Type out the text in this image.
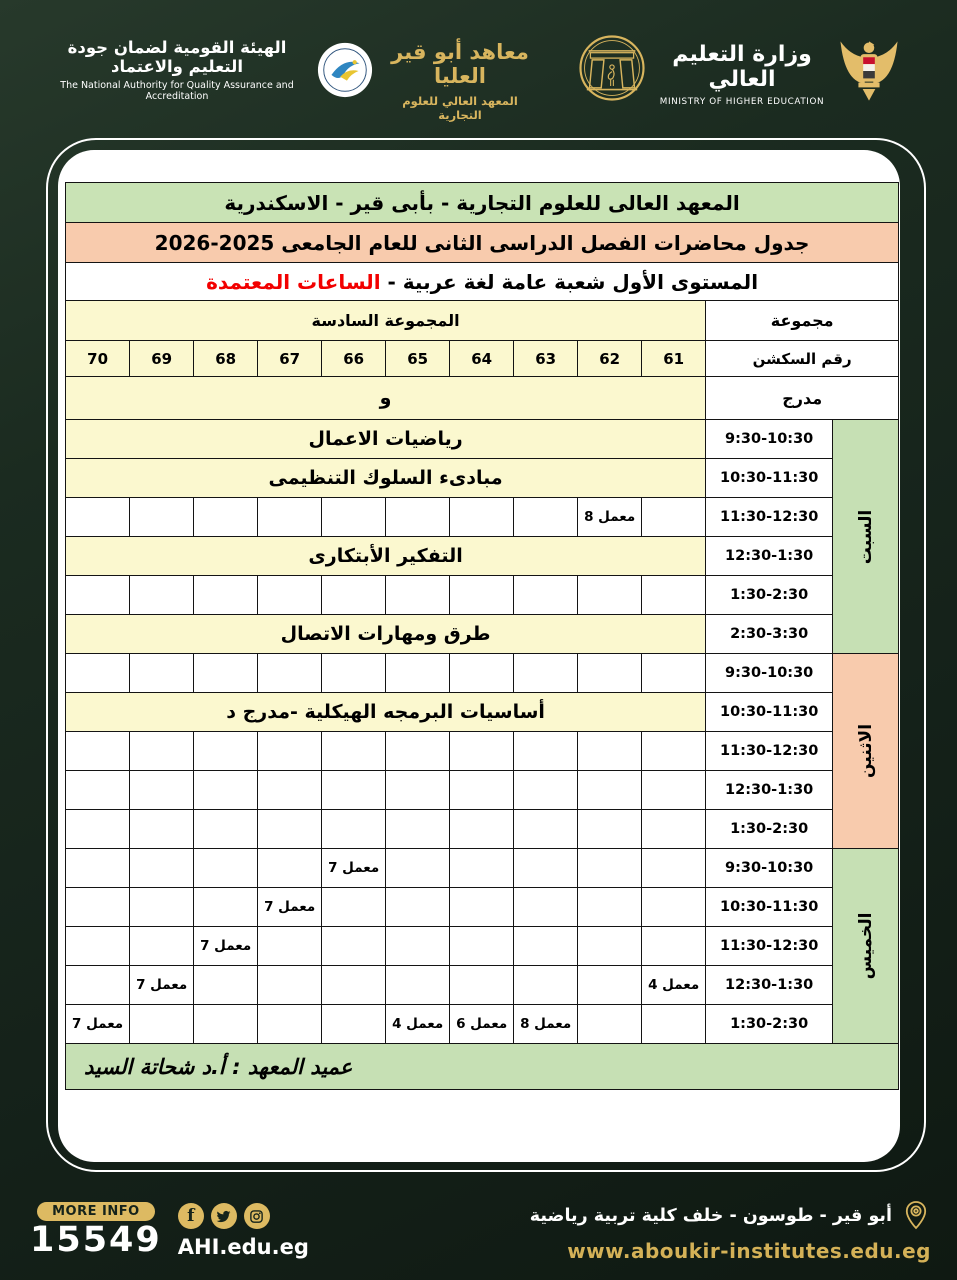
الهيئة القومية لضمان جودة التعليم والاعتماد
The National Authority for Quality Assurance and Accreditation
معاهد أبو قير العليا
المعهد العالي للعلوم التجارية
وزارة التعليم العالي
MINISTRY OF HIGHER EDUCATION
المعهد العالى للعلوم التجارية - بأبى قير - الاسكندرية											
جدول محاضرات الفصل الدراسى الثانى للعام الجامعى 2025-2026											
المستوى الأول شعبة عامة لغة عربية - الساعات المعتمدة											
مجموعة		المجموعة السادسة									
رقم السكشن		61	62	63	64	65	66	67	68	69	70
مدرج		و									

السبت	9:30-10:30	رياضيات الاعمال									
	10:30-11:30	مبادىء السلوك التنظيمى									
	11:30-12:30		معمل 8								
	12:30-1:30	التفكير الأبتكارى									
	1:30-2:30										
	2:30-3:30	طرق ومهارات الاتصال									

الاثنين	9:30-10:30										
	10:30-11:30	أساسيات البرمجه الهيكلية -مدرج د									
	11:30-12:30										
	12:30-1:30										
	1:30-2:30										

الخميس	9:30-10:30						معمل 7				
	10:30-11:30							معمل 7			
	11:30-12:30								معمل 7		
	12:30-1:30	معمل 4								معمل 7	
	1:30-2:30			معمل 8	معمل 6	معمل 4					معمل 7
عميد المعهد : أ.د شحاتة السيد											
MORE INFO
15549
f
AHI.edu.eg
أبو قير - طوسون - خلف كلية تربية رياضية
www.aboukir-institutes.edu.eg
